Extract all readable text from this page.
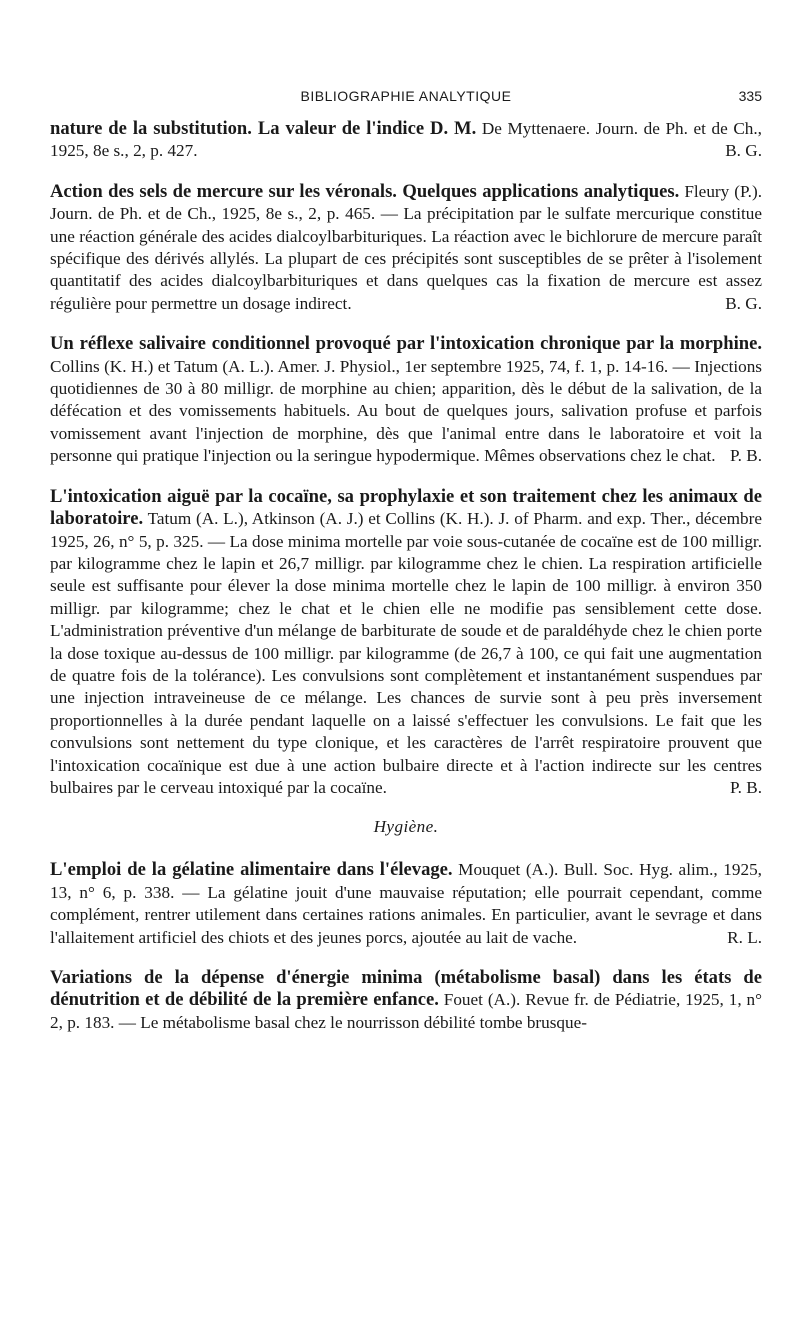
BIBLIOGRAPHIE ANALYTIQUE	335

nature de la substitution. La valeur de l'indice D. M. De Myttenaere. Journ. de Ph. et de Ch., 1925, 8e s., 2, p. 427.	B. G.

Action des sels de mercure sur les véronals. Quelques applications analytiques. Fleury (P.). Journ. de Ph. et de Ch., 1925, 8e s., 2, p. 465. — La précipitation par le sulfate mercurique constitue une réaction générale des acides dialcoylbarbituriques. La réaction avec le bichlorure de mercure paraît spécifique des dérivés allylés. La plupart de ces précipités sont susceptibles de se prêter à l'isolement quantitatif des acides dialcoylbarbituriques et dans quelques cas la fixation de mercure est assez régulière pour permettre un dosage indirect.	B. G.

Un réflexe salivaire conditionnel provoqué par l'intoxication chronique par la morphine. Collins (K. H.) et Tatum (A. L.). Amer. J. Physiol., 1er septembre 1925, 74, f. 1, p. 14-16. — Injections quotidiennes de 30 à 80 milligr. de morphine au chien; apparition, dès le début de la salivation, de la défécation et des vomissements habituels. Au bout de quelques jours, salivation profuse et parfois vomissement avant l'injection de morphine, dès que l'animal entre dans le laboratoire et voit la personne qui pratique l'injection ou la seringue hypodermique. Mêmes observations chez le chat. P. B.

L'intoxication aiguë par la cocaïne, sa prophylaxie et son traitement chez les animaux de laboratoire. Tatum (A. L.), Atkinson (A. J.) et Collins (K. H.). J. of Pharm. and exp. Ther., décembre 1925, 26, n° 5, p. 325. — La dose minima mortelle par voie sous-cutanée de cocaïne est de 100 milligr. par kilogramme chez le lapin et 26,7 milligr. par kilogramme chez le chien. La respiration artificielle seule est suffisante pour élever la dose minima mortelle chez le lapin de 100 milligr. à environ 350 milligr. par kilogramme; chez le chat et le chien elle ne modifie pas sensiblement cette dose. L'administration préventive d'un mélange de barbiturate de soude et de paraldéhyde chez le chien porte la dose toxique au-dessus de 100 milligr. par kilogramme (de 26,7 à 100, ce qui fait une augmentation de quatre fois de la tolérance). Les convulsions sont complètement et instantanément suspendues par une injection intraveineuse de ce mélange. Les chances de survie sont à peu près inversement proportionnelles à la durée pendant laquelle on a laissé s'effectuer les convulsions. Le fait que les convulsions sont nettement du type clonique, et les caractères de l'arrêt respiratoire prouvent que l'intoxication cocaïnique est due à une action bulbaire directe et à l'action indirecte sur les centres bulbaires par le cerveau intoxiqué par la cocaïne.	P. B.

Hygiène.

L'emploi de la gélatine alimentaire dans l'élevage. Mouquet (A.). Bull. Soc. Hyg. alim., 1925, 13, n° 6, p. 338. — La gélatine jouit d'une mauvaise réputation; elle pourrait cependant, comme complément, rentrer utilement dans certaines rations animales. En particulier, avant le sevrage et dans l'allaitement artificiel des chiots et des jeunes porcs, ajoutée au lait de vache.	R. L.

Variations de la dépense d'énergie minima (métabolisme basal) dans les états de dénutrition et de débilité de la première enfance. Fouet (A.). Revue fr. de Pédiatrie, 1925, 1, n° 2, p. 183. — Le métabolisme basal chez le nourrisson débilité tombe brusque-
